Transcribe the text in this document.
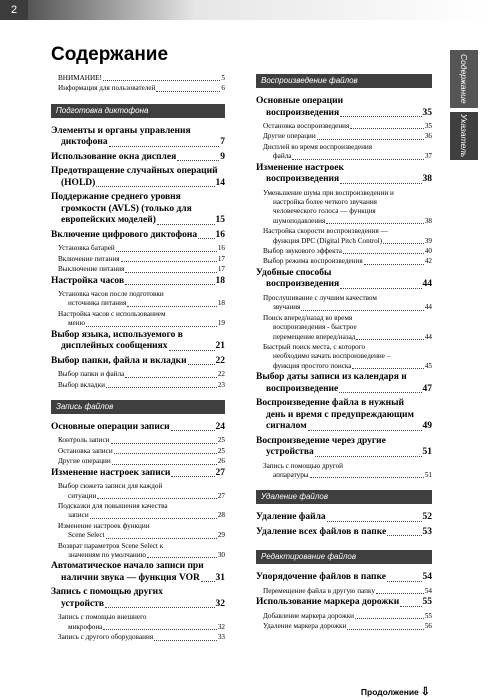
2
Содержание	Содержание
Указатель
ВНИМАНИЕ!	5
Информация для пользователей	6
Подготовка диктофона
Элементы и органы управления
диктофона	7
Использование окна дисплея	9
Предотвращение случайных операций
(HOLD)	14
Поддержание среднего уровня
громкости (AVLS) (только для
европейских моделей)	15
Включение цифрового диктофона 16
Установка батарей	16
Включение питания	17
Выключение питания	17
Настройка часов	18
Установка часов после подготовки
источника питания	18
Настройка часов с использованием
меню	19
Выбор языка, используемого в
дисплейных сообщениях	21
Выбор папки, файла и вкладки	22
Выбор папки и файла	22
Выбор вкладки	23
Запись файлов
Основные операции записи	24
Контроль записи	25
Остановка записи	25
Другие операции	26
Изменение настроек записи	27
Выбор сюжета записи для каждой
ситуации	27
Подсказки для повышения качества
записи	28
Изменение настроек функции
Scene Select	29
Возврат параметров Scene Select к
значениям по умолчанию	30
Автоматическое начало записи при
наличии звука — функция VOR 31
Запись с помощью других
устройств	32
Запись с помощью внешнего
микрофона	32
Запись с другого оборудования	33
Воспроизведение файлов
Основные операции
воспроизведения	35
Остановка воспроизведения	35
Другие операции	36
Дисплей во время воспроизведения
файла	37
Изменение настроек
воспроизведения	38
Уменьшение шума при воспроизведении и
настройка более четкого звучания
человеческого голоса — функция
шумоподавления	38
Настройка скорости воспроизведения —
функция DPC (Digital Pitch Control)	39
Выбор звукового эффекта	40
Выбор режима воспроизведения	42
Удобные способы
воспроизведения	44
Прослушивание с лучшим качеством
звучания	44
Поиск вперед/назад во время
воспроизведения - быстрое
перемещение вперед/назад	44
Быстрый поиск места, с которого
необходимо начать воспроизведение –
функция простого поиска	45
Выбор даты записи из календаря и
воспроизведение	47
Воспроизведение файла в нужный
день и время с предупреждающим
сигналом	49
Воспроизведение через другие
устройства	51
Запись с помощью другой
аппаратуры	51
Удаление файлов
Удаление файла	52
Удаление всех файлов в папке	53
Редактирование файлов
Упорядочение файлов в папке	54
Перемещение файла в другую папку	54
Использование маркера дорожки 55
Добавление маркера дорожки	55
Удаление маркера дорожки	56
Продолжение ⇩
